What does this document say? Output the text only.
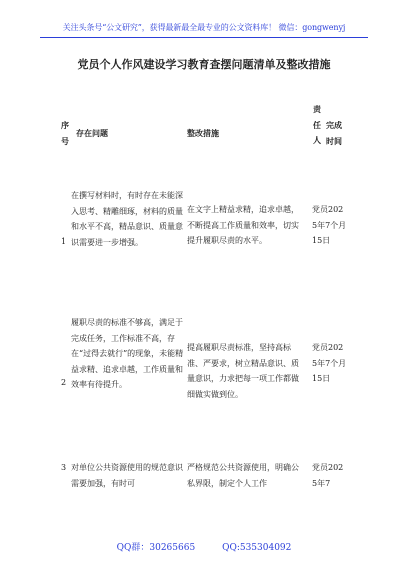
关注头条号“公文研究”，获得最新最全最专业的公文资料库！ 微信：gongwenyj
党员个人作风建设学习教育查摆问题清单及整改措施
序号
存在问题	整改措施
责任人
完成时间
1
在撰写材料时，有时存在未能深入思考、精雕细琢，材料的质量和水平不高，精品意识、质量意识需要进一步增强。
在文字上精益求精，追求卓越，不断提高工作质量和效率，切实提升履职尽责的水平。
党员2025年7个月15日
2
履职尽责的标准不够高，满足于完成任务，工作标准不高，存在“过得去就行”的现象，未能精益求精、追求卓越，工作质量和效率有待提升。
提高履职尽责标准，坚持高标准、严要求，树立精品意识、质量意识，力求把每一项工作都做细做实做到位。
党员2025年7个月15日
3 对单位公共资源使用的规范意识需要加强，有时可
严格规范公共资源使用，明确公私界限，制定个人工作
党员2025年7
QQ群：30265665	QQ:535304092
